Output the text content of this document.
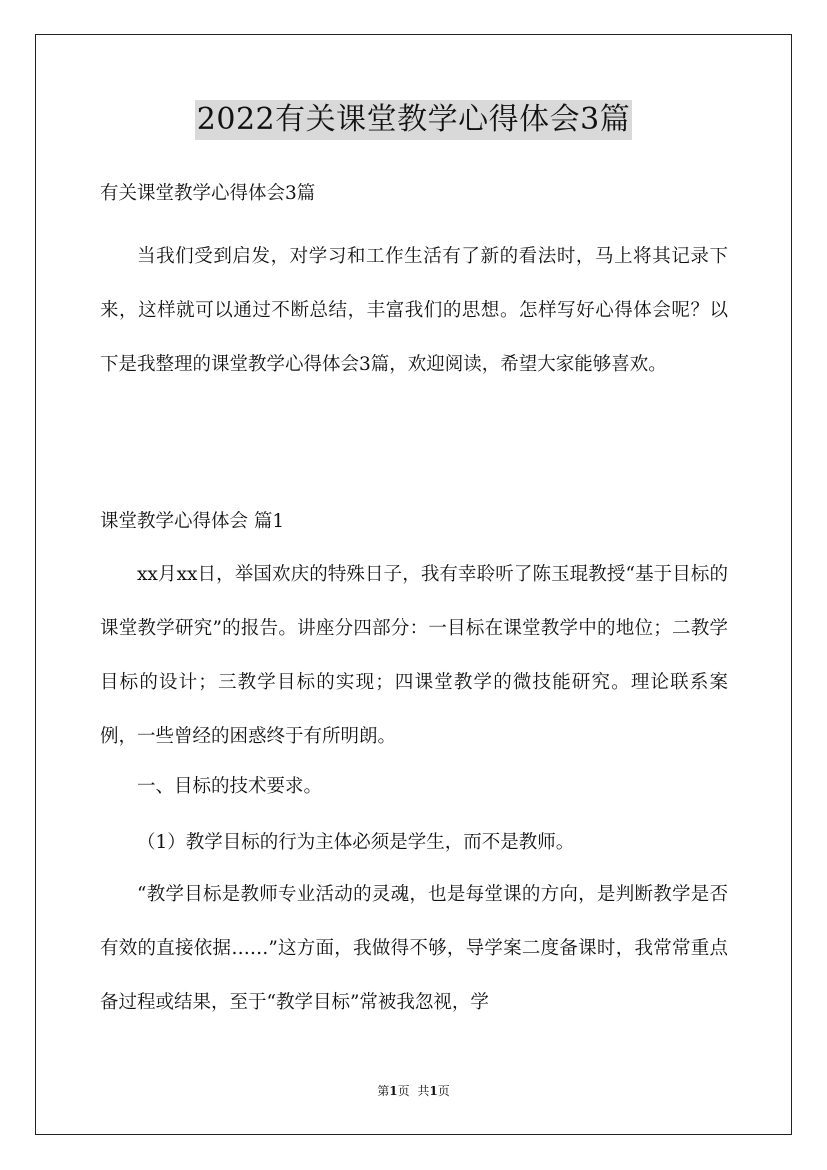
2022有关课堂教学心得体会3篇

有关课堂教学心得体会3篇

当我们受到启发，对学习和工作生活有了新的看法时，马上将其记录下来，这样就可以通过不断总结，丰富我们的思想。怎样写好心得体会呢？以下是我整理的课堂教学心得体会3篇，欢迎阅读，希望大家能够喜欢。

课堂教学心得体会 篇1

xx月xx日，举国欢庆的特殊日子，我有幸聆听了陈玉琨教授“基于目标的课堂教学研究”的报告。讲座分四部分：一目标在课堂教学中的地位；二教学目标的设计；三教学目标的实现；四课堂教学的微技能研究。理论联系案例，一些曾经的困惑终于有所明朗。

一、目标的技术要求。

（1）教学目标的行为主体必须是学生，而不是教师。

“教学目标是教师专业活动的灵魂，也是每堂课的方向，是判断教学是否有效的直接依据……”这方面，我做得不够，导学案二度备课时，我常常重点备过程或结果，至于“教学目标”常被我忽视，学

第1页 共1页
